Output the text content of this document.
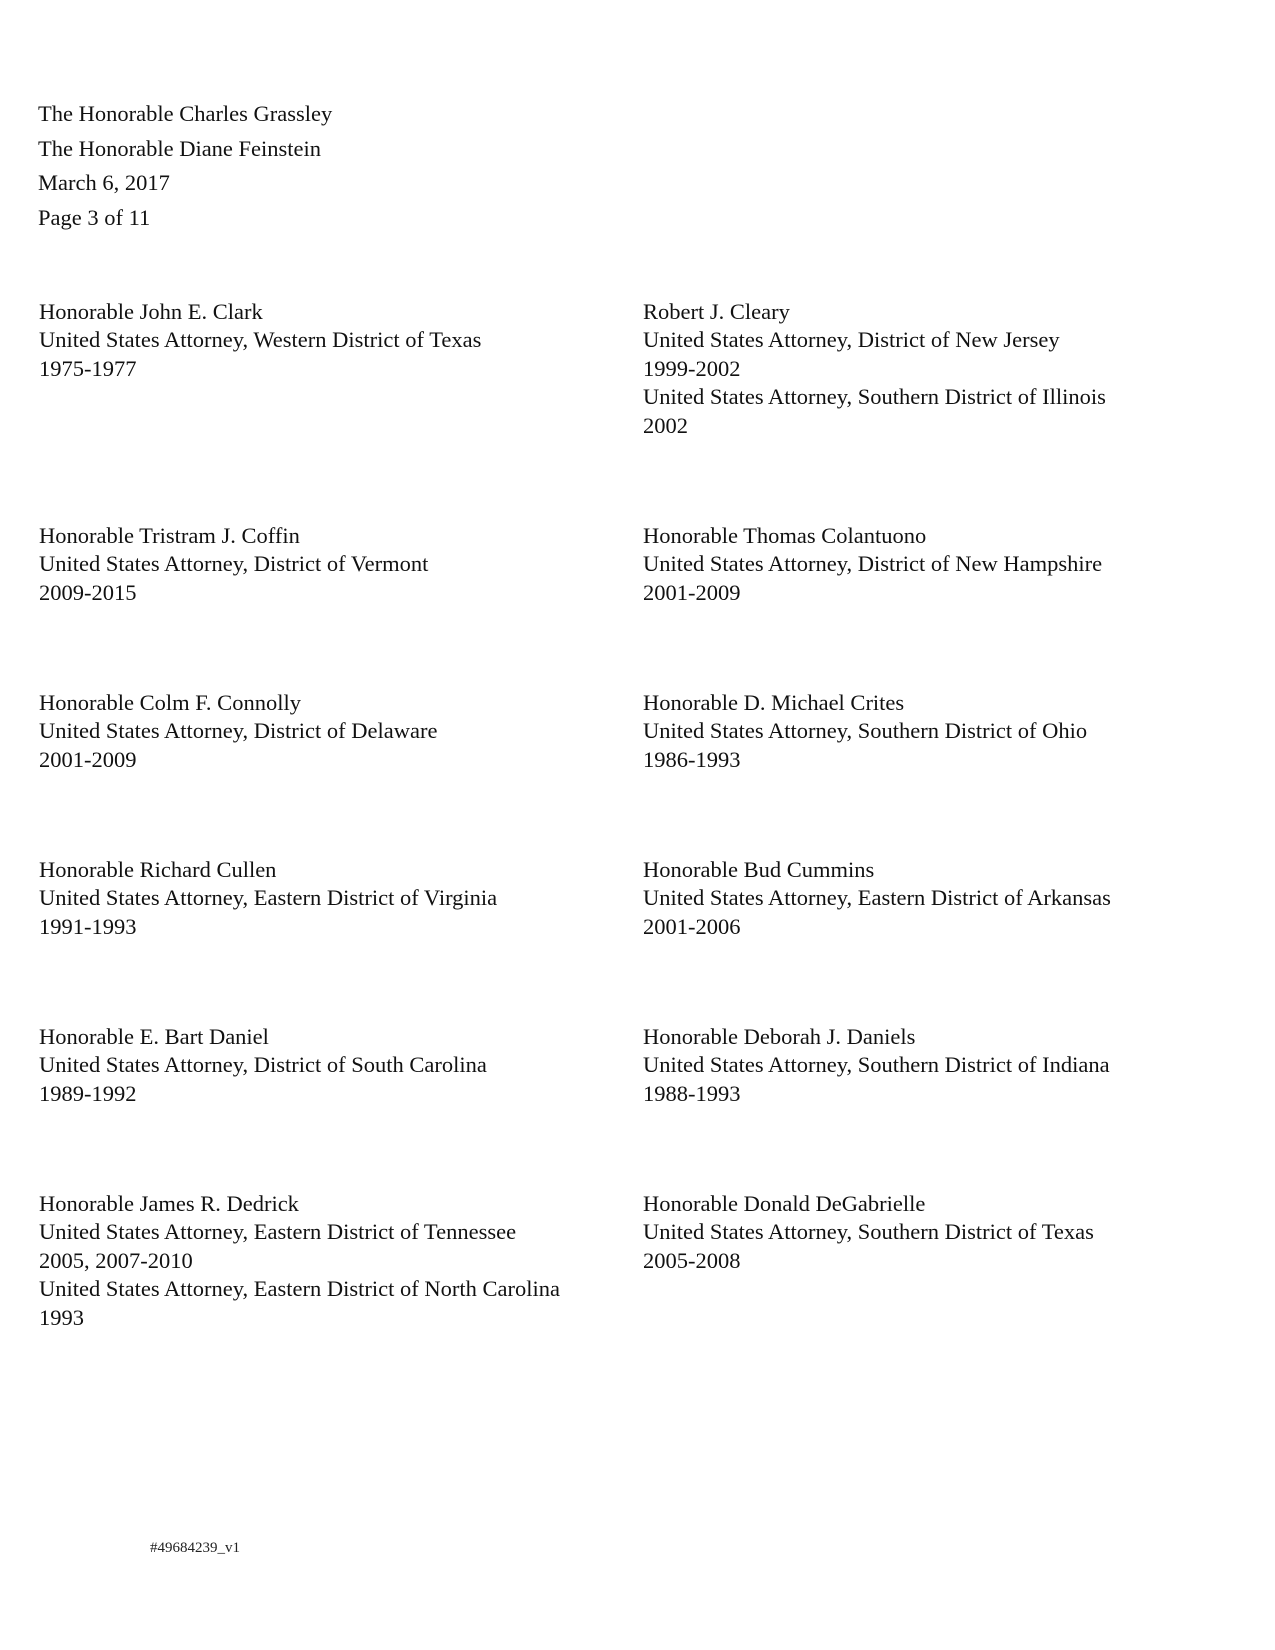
The Honorable Charles Grassley
The Honorable Diane Feinstein
March 6, 2017
Page 3 of 11
Honorable John E. Clark
United States Attorney, Western District of Texas
1975-1977
Robert J. Cleary
United States Attorney, District of New Jersey
1999-2002
United States Attorney, Southern District of Illinois
2002
Honorable Tristram J. Coffin
United States Attorney, District of Vermont
2009-2015
Honorable Thomas Colantuono
United States Attorney, District of New Hampshire
2001-2009
Honorable Colm F. Connolly
United States Attorney, District of Delaware
2001-2009
Honorable D. Michael Crites
United States Attorney, Southern District of Ohio
1986-1993
Honorable Richard Cullen
United States Attorney, Eastern District of Virginia
1991-1993
Honorable Bud Cummins
United States Attorney, Eastern District of Arkansas
2001-2006
Honorable E. Bart Daniel
United States Attorney, District of South Carolina
1989-1992
Honorable Deborah J. Daniels
United States Attorney, Southern District of Indiana
1988-1993
Honorable James R. Dedrick
United States Attorney, Eastern District of Tennessee
2005, 2007-2010
United States Attorney, Eastern District of North Carolina
1993
Honorable Donald DeGabrielle
United States Attorney, Southern District of Texas
2005-2008
#49684239_v1
